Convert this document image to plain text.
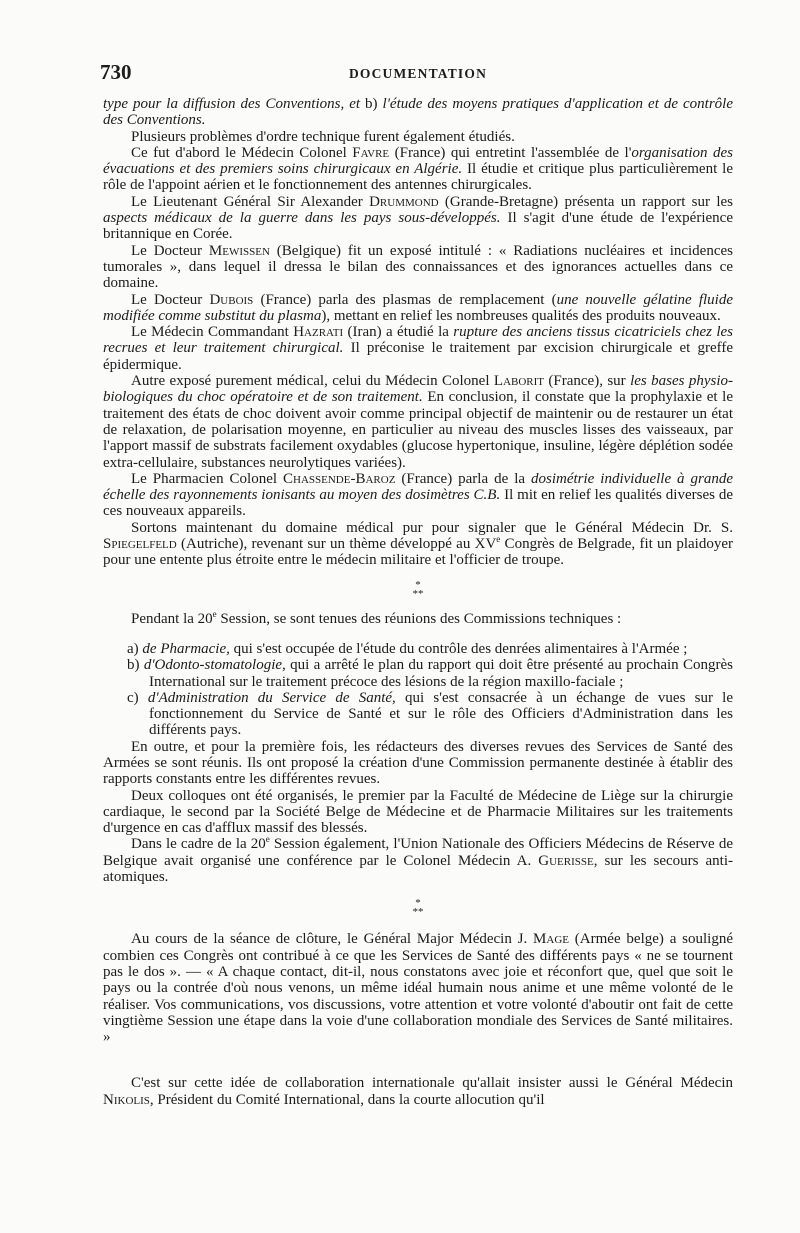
730	DOCUMENTATION

type pour la diffusion des Conventions, et b) l'étude des moyens pratiques d'application et de contrôle des Conventions.

Plusieurs problèmes d'ordre technique furent également étudiés.

Ce fut d'abord le Médecin Colonel Favre (France) qui entretint l'assemblée de l'organisation des évacuations et des premiers soins chirurgicaux en Algérie. Il étudie et critique plus particulièrement le rôle de l'appoint aérien et le fonctionnement des antennes chirurgicales.

Le Lieutenant Général Sir Alexander Drummond (Grande-Bretagne) présenta un rapport sur les aspects médicaux de la guerre dans les pays sous-développés. Il s'agit d'une étude de l'expérience britannique en Corée.

Le Docteur Mewissen (Belgique) fit un exposé intitulé : « Radiations nucléaires et incidences tumorales », dans lequel il dressa le bilan des connaissances et des ignorances actuelles dans ce domaine.

Le Docteur Dubois (France) parla des plasmas de remplacement (une nouvelle gélatine fluide modifiée comme substitut du plasma), mettant en relief les nombreuses qualités des produits nouveaux.

Le Médecin Commandant Hazrati (Iran) a étudié la rupture des anciens tissus cicatriciels chez les recrues et leur traitement chirurgical. Il préconise le traitement par excision chirurgicale et greffe épidermique.

Autre exposé purement médical, celui du Médecin Colonel Laborit (France), sur les bases physio-biologiques du choc opératoire et de son traitement. En conclusion, il constate que la prophylaxie et le traitement des états de choc doivent avoir comme principal objectif de maintenir ou de restaurer un état de relaxation, de polarisation moyenne, en particulier au niveau des muscles lisses des vaisseaux, par l'apport massif de substrats facilement oxydables (glucose hypertonique, insuline, légère déplétion sodée extra-cellulaire, substances neurolytiques variées).

Le Pharmacien Colonel Chassende-Baroz (France) parla de la dosimétrie individuelle à grande échelle des rayonnements ionisants au moyen des dosimètres C.B. Il mit en relief les qualités diverses de ces nouveaux appareils.

Sortons maintenant du domaine médical pur pour signaler que le Général Médecin Dr. S. Spiegelfeld (Autriche), revenant sur un thème développé au XVe Congrès de Belgrade, fit un plaidoyer pour une entente plus étroite entre le médecin militaire et l'officier de troupe.

*
**

Pendant la 20e Session, se sont tenues des réunions des Commissions techniques :

a) de Pharmacie, qui s'est occupée de l'étude du contrôle des denrées alimentaires à l'Armée ;

b) d'Odonto-stomatologie, qui a arrêté le plan du rapport qui doit être présenté au prochain Congrès International sur le traitement précoce des lésions de la région maxillo-faciale ;

c) d'Administration du Service de Santé, qui s'est consacrée à un échange de vues sur le fonctionnement du Service de Santé et sur le rôle des Officiers d'Administration dans les différents pays.

En outre, et pour la première fois, les rédacteurs des diverses revues des Services de Santé des Armées se sont réunis. Ils ont proposé la création d'une Commission permanente destinée à établir des rapports constants entre les différentes revues.

Deux colloques ont été organisés, le premier par la Faculté de Médecine de Liège sur la chirurgie cardiaque, le second par la Société Belge de Médecine et de Pharmacie Militaires sur les traitements d'urgence en cas d'afflux massif des blessés.

Dans le cadre de la 20e Session également, l'Union Nationale des Officiers Médecins de Réserve de Belgique avait organisé une conférence par le Colonel Médecin A. Guerisse, sur les secours anti-atomiques.

*
**

Au cours de la séance de clôture, le Général Major Médecin J. Mage (Armée belge) a souligné combien ces Congrès ont contribué à ce que les Services de Santé des différents pays « ne se tournent pas le dos ». — « A chaque contact, dit-il, nous constatons avec joie et réconfort que, quel que soit le pays ou la contrée d'où nous venons, un même idéal humain nous anime et une même volonté de le réaliser. Vos communications, vos discussions, votre attention et votre volonté d'aboutir ont fait de cette vingtième Session une étape dans la voie d'une collaboration mondiale des Services de Santé militaires. »

C'est sur cette idée de collaboration internationale qu'allait insister aussi le Général Médecin Nikolis, Président du Comité International, dans la courte allocution qu'il
